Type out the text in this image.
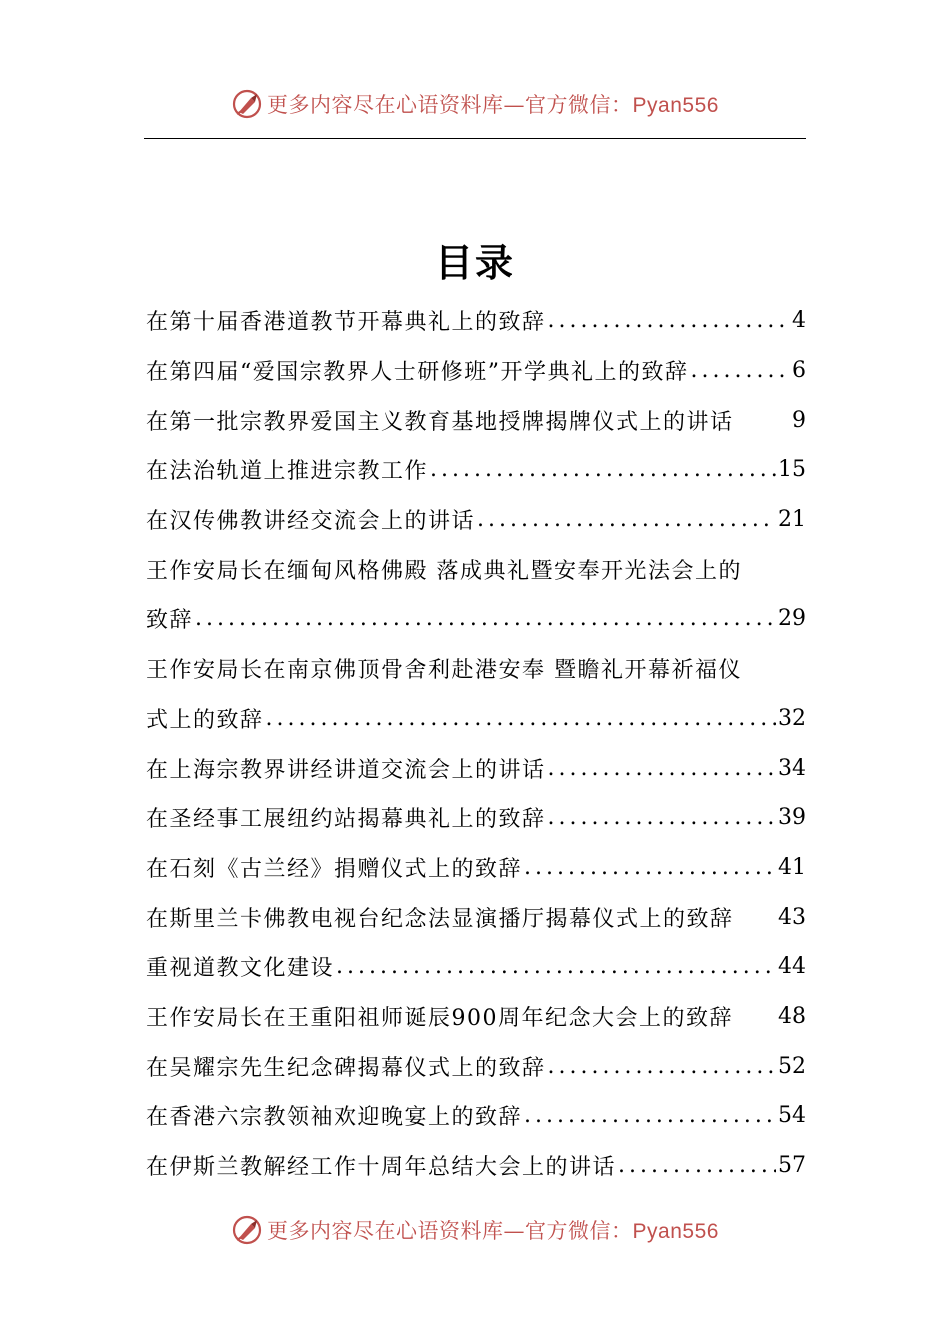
更多内容尽在心语资料库—官方微信：Pyan556
目录
在第十届香港道教节开幕典礼上的致辞 .....	4
在第四届“爱国宗教界人士研修班”开学典礼上的致辞 .....	6
在第一批宗教界爱国主义教育基地授牌揭牌仪式上的讲话	9
在法治轨道上推进宗教工作 .....	15
在汉传佛教讲经交流会上的讲话 .....	21
王作安局长在缅甸风格佛殿 落成典礼暨安奉开光法会上的
致辞 .....	29
王作安局长在南京佛顶骨舍利赴港安奉 暨瞻礼开幕祈福仪
式上的致辞 .....	32
在上海宗教界讲经讲道交流会上的讲话 .....	34
在圣经事工展纽约站揭幕典礼上的致辞 .....	39
在石刻《古兰经》捐赠仪式上的致辞 .....	41
在斯里兰卡佛教电视台纪念法显演播厅揭幕仪式上的致辞 43
重视道教文化建设 .....	44
王作安局长在王重阳祖师诞辰900周年纪念大会上的致辞 48
在吴耀宗先生纪念碑揭幕仪式上的致辞 .....	52
在香港六宗教领袖欢迎晚宴上的致辞 .....	54
在伊斯兰教解经工作十周年总结大会上的讲话 .....	57
更多内容尽在心语资料库—官方微信：Pyan556
